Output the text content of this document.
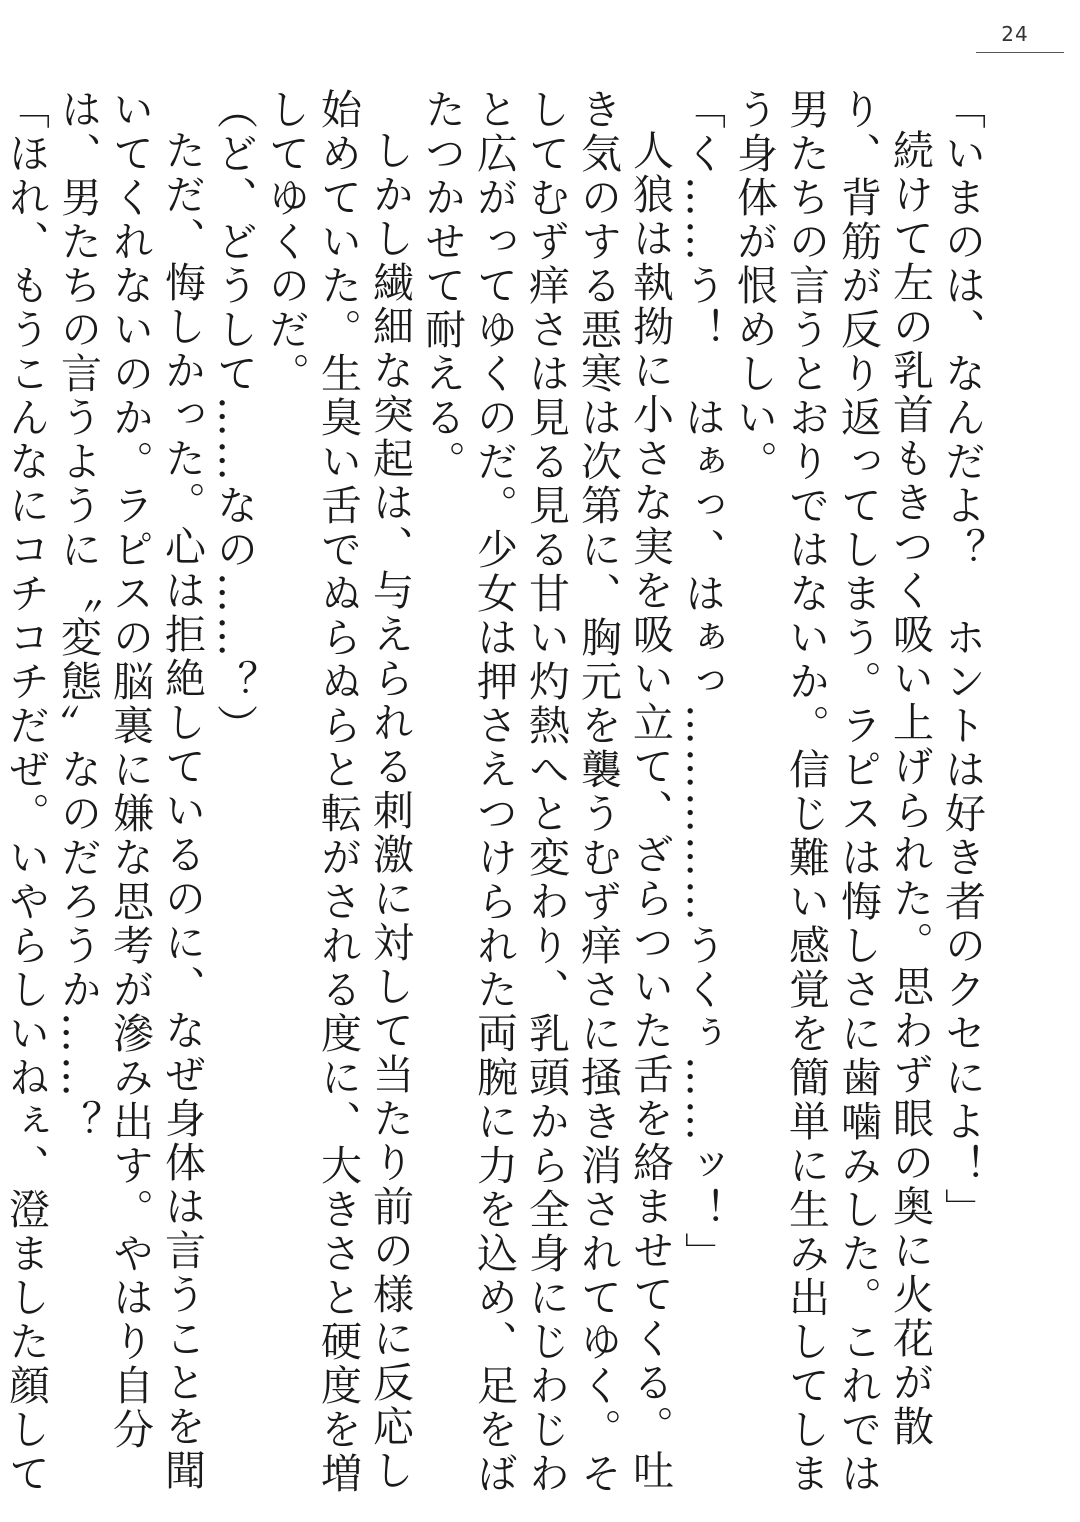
24

「いまのは、なんだよ？　ホントは好き者のクセによ！」

続けて左の乳首もきつく吸い上げられた。思わず眼の奥に火花が散り、背筋が反り返ってしまう。ラピスは悔しさに歯噛みした。これでは男たちの言うとおりではないか。信じ難い感覚を簡単に生み出してしまう身体が恨めしい。

「く……う！　はぁっ、はぁっ……………うくぅ……ッ！」

人狼は執拗に小さな実を吸い立て、ざらついた舌を絡ませてくる。吐き気のする悪寒は次第に、胸元を襲うむず痒さに掻き消されてゆく。そしてむず痒さは見る見る甘い灼熱へと変わり、乳頭から全身にじわじわと広がってゆくのだ。少女は押さえつけられた両腕に力を込め、足をばたつかせて耐える。

しかし繊細な突起は、与えられる刺激に対して当たり前の様に反応し始めていた。生臭い舌でぬらぬらと転がされる度に、大きさと硬度を増してゆくのだ。

（ど、どうして……なの……？）

ただ、悔しかった。心は拒絶しているのに、なぜ身体は言うことを聞いてくれないのか。ラピスの脳裏に嫌な思考が滲み出す。やはり自分は、男たちの言うように〝変態〟なのだろうか……？

「ほれ、もうこんなにコチコチだぜ。いやらしいねぇ、澄ました顔して
